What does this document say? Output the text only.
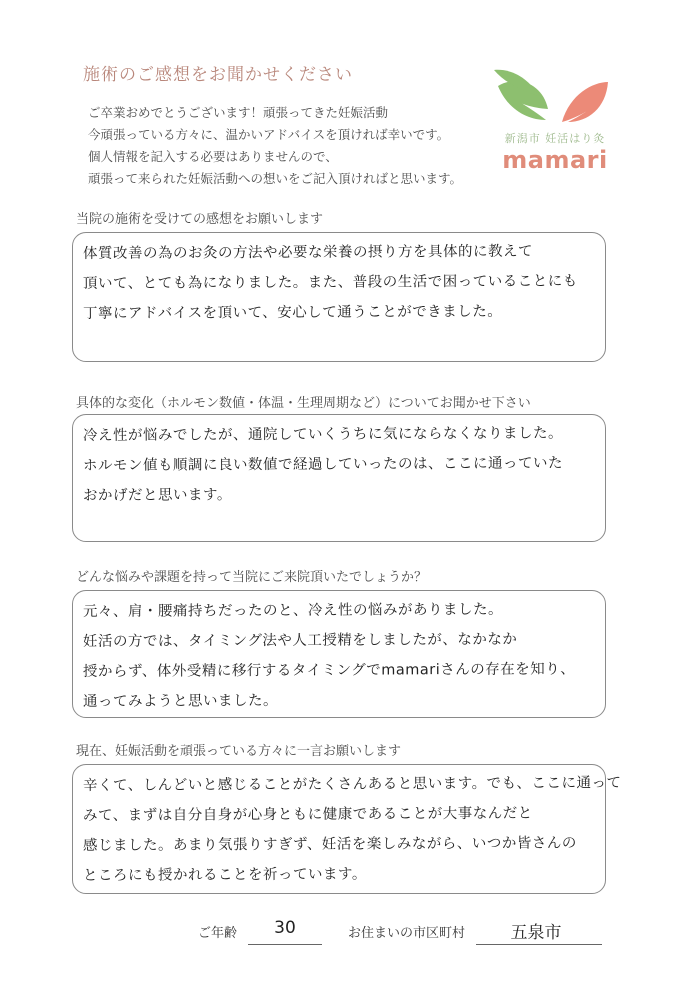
施術のご感想をお聞かせください
ご卒業おめでとうございます！頑張ってきた妊娠活動
今頑張っている方々に、温かいアドバイスを頂ければ幸いです。
個人情報を記入する必要はありませんので、
頑張って来られた妊娠活動への想いをご記入頂ければと思います。
新潟市 妊活はり灸
mamari
当院の施術を受けての感想をお願いします
体質改善の為のお灸の方法や必要な栄養の摂り方を具体的に教えて
頂いて、とても為になりました。また、普段の生活で困っていることにも
丁寧にアドバイスを頂いて、安心して通うことができました。
具体的な変化（ホルモン数値・体温・生理周期など）についてお聞かせ下さい
冷え性が悩みでしたが、通院していくうちに気にならなくなりました。
ホルモン値も順調に良い数値で経過していったのは、ここに通っていた
おかげだと思います。
どんな悩みや課題を持って当院にご来院頂いたでしょうか？
元々、肩・腰痛持ちだったのと、冷え性の悩みがありました。
妊活の方では、タイミング法や人工授精をしましたが、なかなか
授からず、体外受精に移行するタイミングでmamariさんの存在を知り、
通ってみようと思いました。
現在、妊娠活動を頑張っている方々に一言お願いします
辛くて、しんどいと感じることがたくさんあると思います。でも、ここに通って
みて、まずは自分自身が心身ともに健康であることが大事なんだと
感じました。あまり気張りすぎず、妊活を楽しみながら、いつか皆さんの
ところにも授かれることを祈っています。
ご年齢	30	お住まいの市区町村	五泉市
